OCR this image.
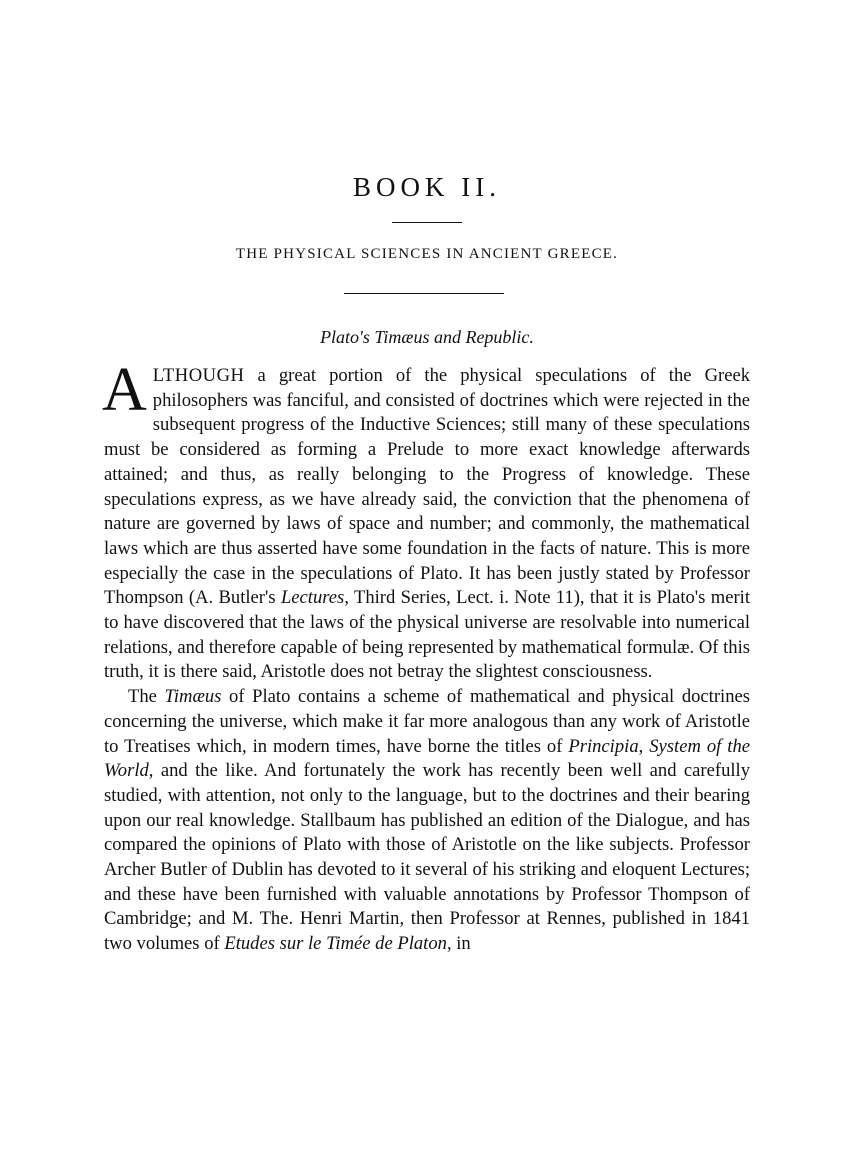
BOOK II.
THE PHYSICAL SCIENCES IN ANCIENT GREECE.
Plato's Timæus and Republic.

ALTHOUGH a great portion of the physical speculations of the Greek philosophers was fanciful, and consisted of doctrines which were rejected in the subsequent progress of the Inductive Sciences; still many of these speculations must be considered as forming a Prelude to more exact knowledge afterwards attained; and thus, as really belonging to the Progress of knowledge. These speculations express, as we have already said, the conviction that the phenomena of nature are governed by laws of space and number; and commonly, the mathematical laws which are thus asserted have some foundation in the facts of nature. This is more especially the case in the speculations of Plato. It has been justly stated by Professor Thompson (A. Butler's Lectures, Third Series, Lect. i. Note 11), that it is Plato's merit to have discovered that the laws of the physical universe are resolvable into numerical relations, and therefore capable of being represented by mathematical formulæ. Of this truth, it is there said, Aristotle does not betray the slightest consciousness.

The Timæus of Plato contains a scheme of mathematical and physical doctrines concerning the universe, which make it far more analogous than any work of Aristotle to Treatises which, in modern times, have borne the titles of Principia, System of the World, and the like. And fortunately the work has recently been well and carefully studied, with attention, not only to the language, but to the doctrines and their bearing upon our real knowledge. Stallbaum has published an edition of the Dialogue, and has compared the opinions of Plato with those of Aristotle on the like subjects. Professor Archer Butler of Dublin has devoted to it several of his striking and eloquent Lectures; and these have been furnished with valuable annotations by Professor Thompson of Cambridge; and M. The. Henri Martin, then Professor at Rennes, published in 1841 two volumes of Etudes sur le Timée de Platon, in
